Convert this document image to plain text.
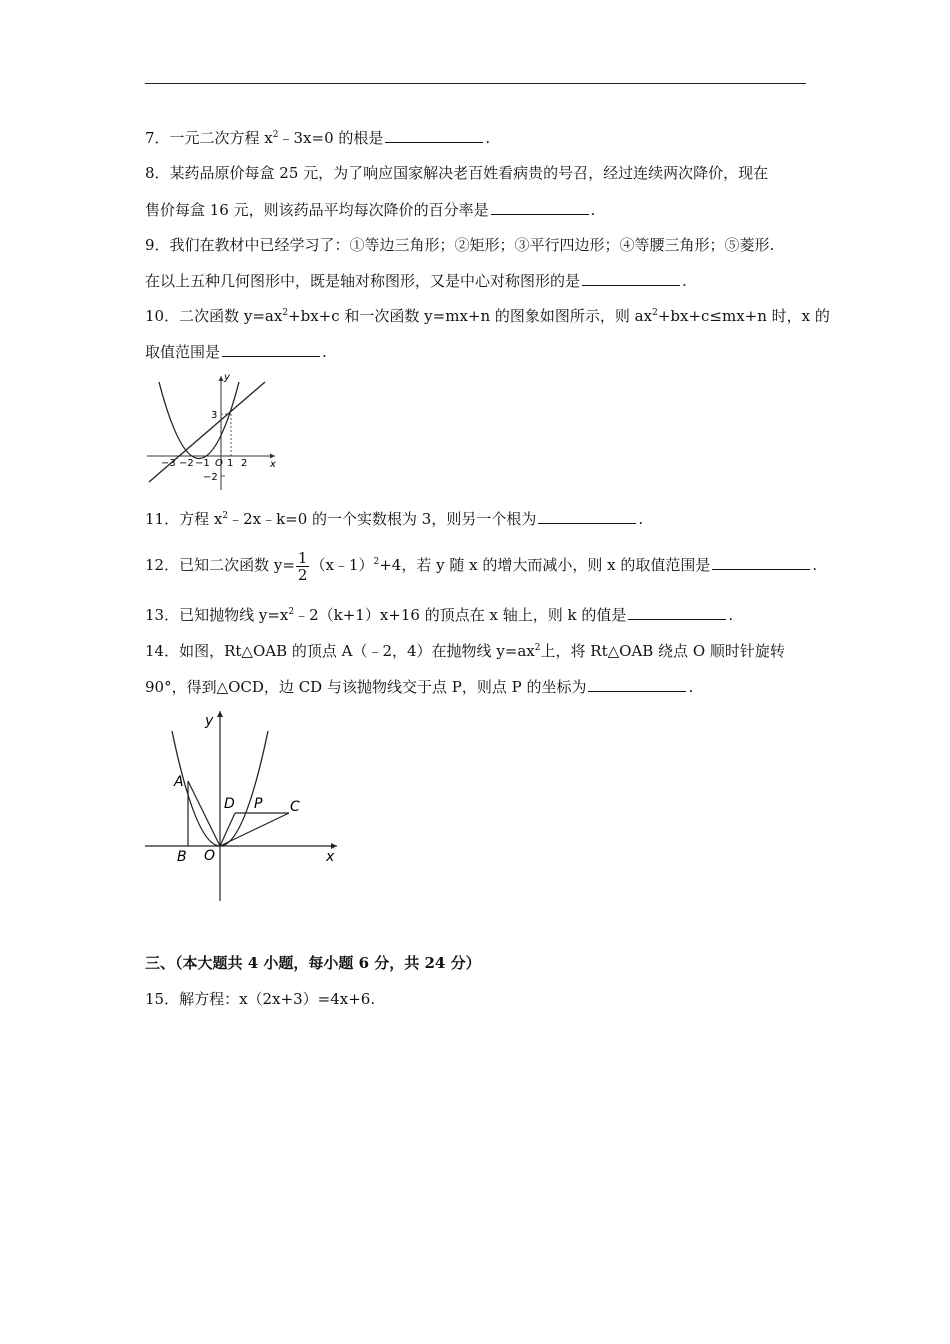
7．一元二次方程 $x^2﹣3x=0$ 的根是	.
8．某药品原价每盒 25 元，为了响应国家解决老百姓看病贵的号召，经过连续两次降价，现在
售价每盒 16 元，则该药品平均每次降价的百分率是	.
9．我们在教材中已经学习了：①等边三角形；②矩形；③平行四边形；④等腰三角形；⑤菱形.
在以上五种几何图形中，既是轴对称图形，又是中心对称图形的是	.
10．二次函数 $y=ax^2+bx+c$ 和一次函数 y=mx+n 的图象如图所示，则 $ax^2+bx+c\le mx+n$ 时，x 的
取值范围是	.
y
x
3
−3 −2 −1 O 1 2
−2
11．方程 $x^2﹣2x﹣k=0$ 的一个实数根为 3，则另一个根为	.
12．已知二次函数 $y= \frac{1}{2}$ （x﹣1）$^2$+4，若 y 随 x 的增大而减小，则 x 的取值范围是	.
13．已知抛物线 $y=x^2﹣2(k+1)x+16$ 的顶点在 x 轴上，则 k 的值是	.
14．如图，Rt△OAB 的顶点 A（﹣2，4）在抛物线 $y=ax^2$上，将 Rt△OAB 绕点 O 顺时针旋转
90°，得到△OCD，边 CD 与该抛物线交于点 P，则点 P 的坐标为	.
y
x
A
B O
D P C
三、（本大题共 4 小题，每小题 6 分，共 24 分）
15．解方程：x（2x+3）=4x+6.
